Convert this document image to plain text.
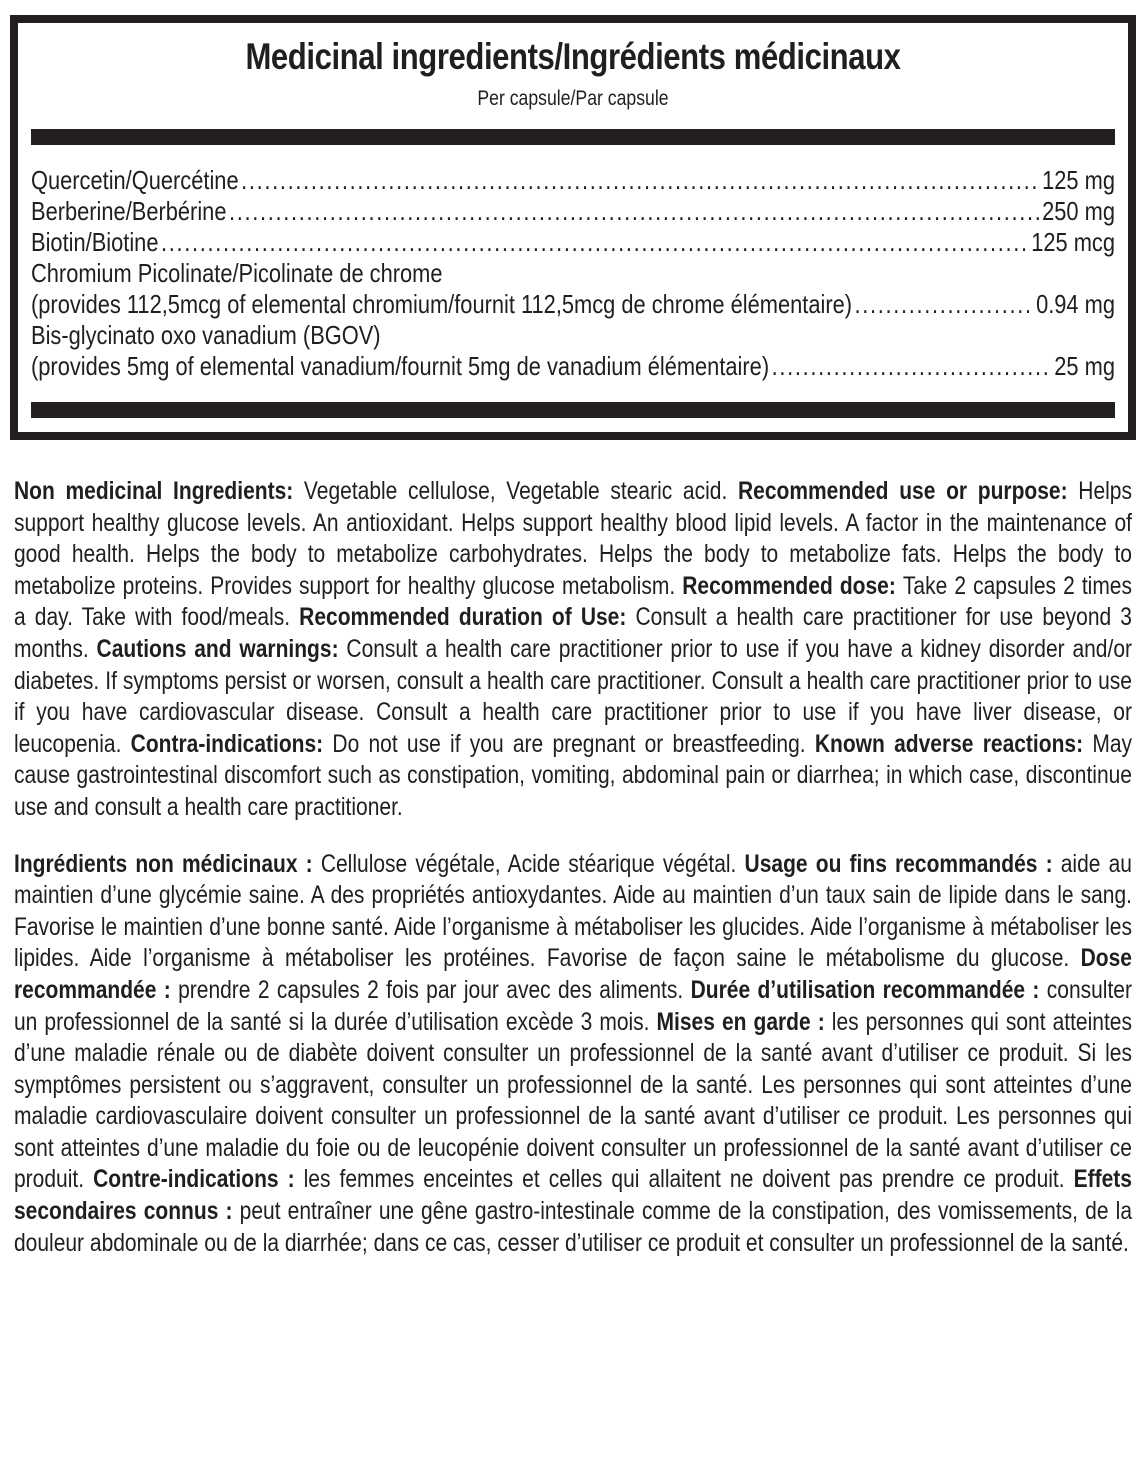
Medicinal ingredients/Ingrédients médicinaux
Per capsule/Par capsule
Quercetin/Quercétine .....	125 mg
Berberine/Berbérine .....	250 mg
Biotin/Biotine .....	125 mcg
Chromium Picolinate/Picolinate de chrome
(provides 112,5mcg of elemental chromium/fournit 112,5mcg de chrome élémentaire) .....	0.94 mg
Bis-glycinato oxo vanadium (BGOV)
(provides 5mg of elemental vanadium/fournit 5mg de vanadium élémentaire) .....	25 mg

Non medicinal Ingredients: Vegetable cellulose, Vegetable stearic acid. Recommended use or purpose: Helps support healthy glucose levels. An antioxidant. Helps support healthy blood lipid levels. A factor in the maintenance of good health. Helps the body to metabolize carbohydrates. Helps the body to metabolize fats. Helps the body to metabolize proteins. Provides support for healthy glucose metabolism. Recommended dose: Take 2 capsules 2 times a day. Take with food/meals. Recommended duration of Use: Consult a health care practitioner for use beyond 3 months. Cautions and warnings: Consult a health care practitioner prior to use if you have a kidney disorder and/or diabetes. If symptoms persist or worsen, consult a health care practitioner. Consult a health care practitioner prior to use if you have cardiovascular disease. Consult a health care practitioner prior to use if you have liver disease, or leucopenia. Contra-indications: Do not use if you are pregnant or breastfeeding. Known adverse reactions: May cause gastrointestinal discomfort such as constipation, vomiting, abdominal pain or diarrhea; in which case, discontinue use and consult a health care practitioner.

Ingrédients non médicinaux : Cellulose végétale, Acide stéarique végétal. Usage ou fins recommandés : aide au maintien d’une glycémie saine. A des propriétés antioxydantes. Aide au maintien d’un taux sain de lipide dans le sang. Favorise le maintien d’une bonne santé. Aide l’organisme à métaboliser les glucides. Aide l’organisme à métaboliser les lipides. Aide l’organisme à métaboliser les protéines. Favorise de façon saine le métabolisme du glucose. Dose recommandée : prendre 2 capsules 2 fois par jour avec des aliments. Durée d’utilisation recommandée : consulter un professionnel de la santé si la durée d’utilisation excède 3 mois. Mises en garde : les personnes qui sont atteintes d’une maladie rénale ou de diabète doivent consulter un professionnel de la santé avant d’utiliser ce produit. Si les symptômes persistent ou s’aggravent, consulter un professionnel de la santé. Les personnes qui sont atteintes d’une maladie cardiovasculaire doivent consulter un professionnel de la santé avant d’utiliser ce produit. Les personnes qui sont atteintes d’une maladie du foie ou de leucopénie doivent consulter un professionnel de la santé avant d’utiliser ce produit. Contre-indications : les femmes enceintes et celles qui allaitent ne doivent pas prendre ce produit. Effets secondaires connus : peut entraîner une gêne gastro-intestinale comme de la constipation, des vomissements, de la douleur abdominale ou de la diarrhée; dans ce cas, cesser d’utiliser ce produit et consulter un professionnel de la santé.
